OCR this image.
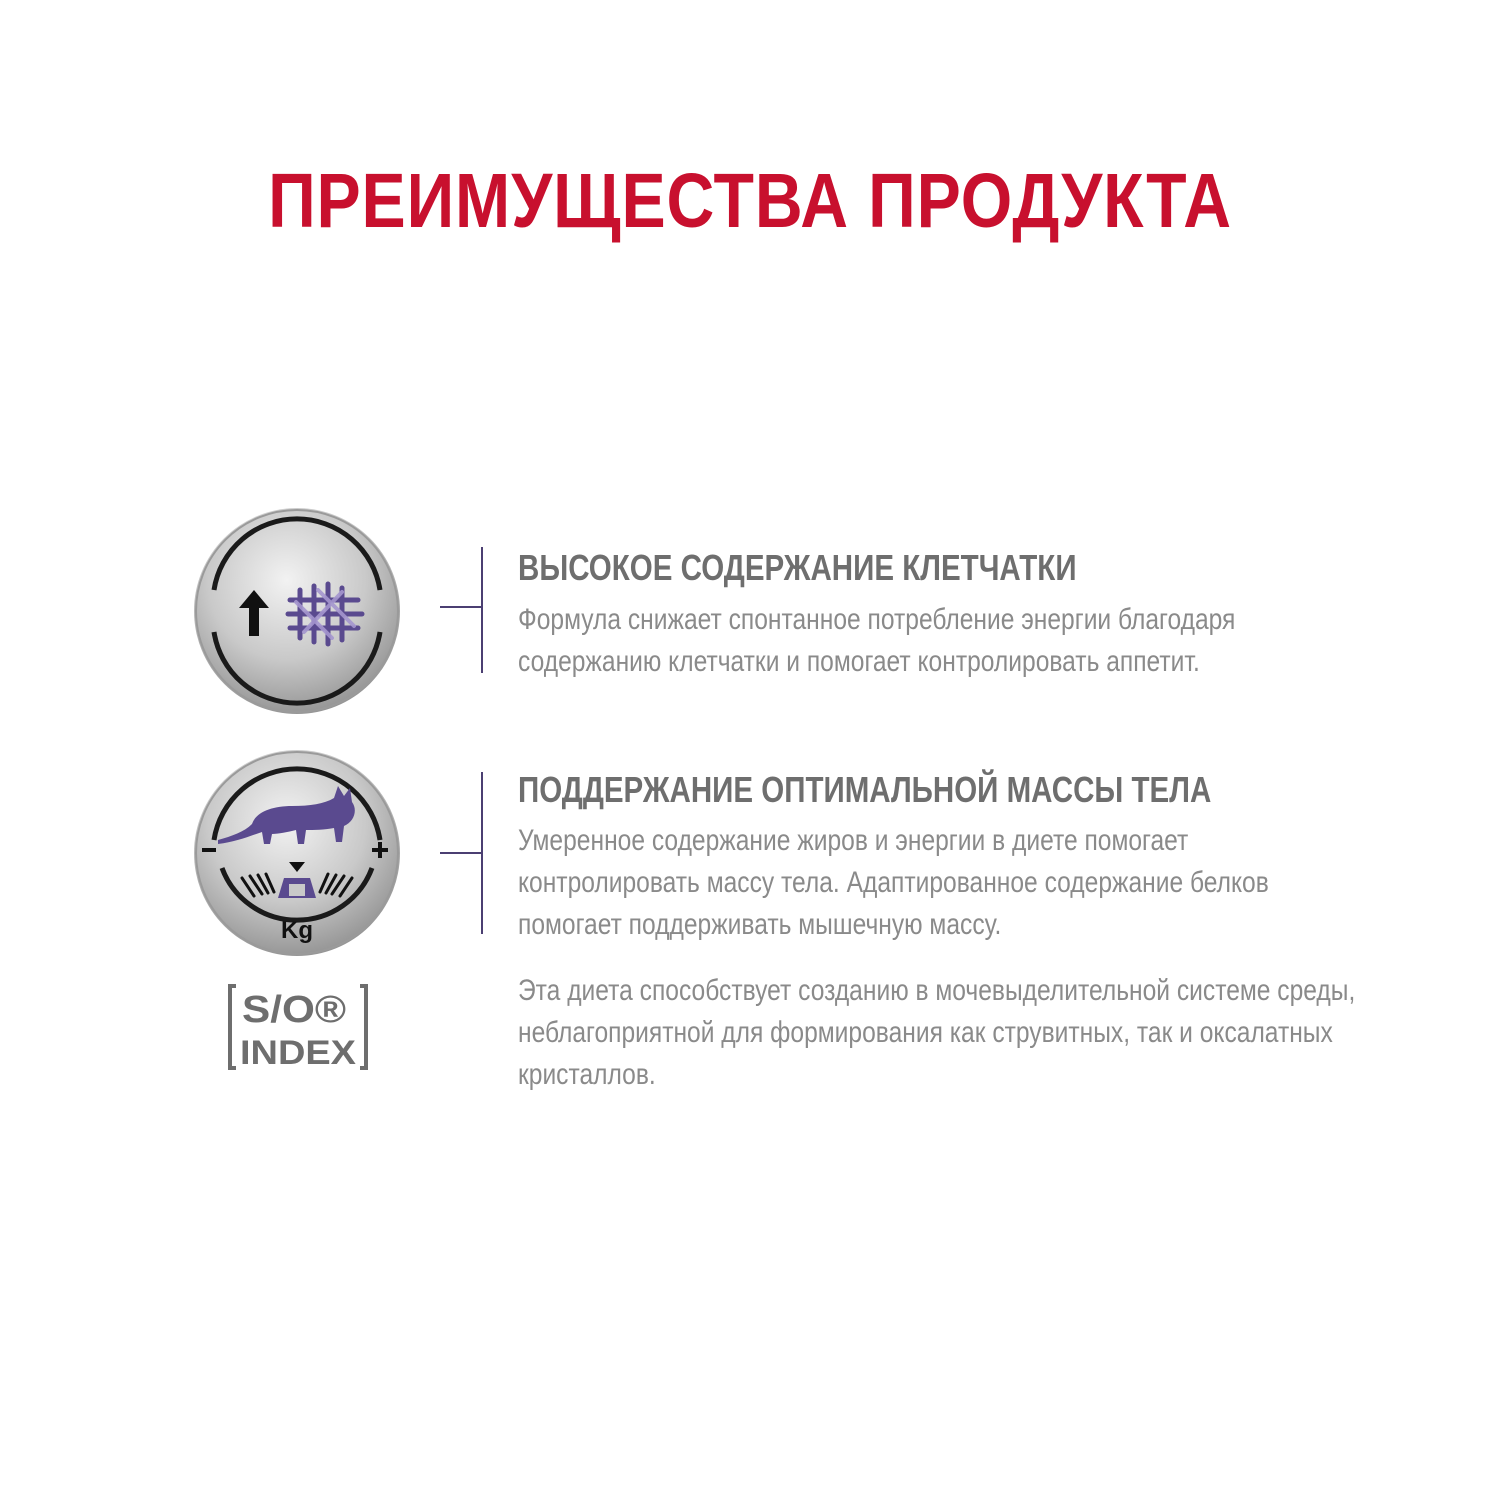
ПРЕИМУЩЕСТВА ПРОДУКТА
ВЫСОКОЕ СОДЕРЖАНИЕ КЛЕТЧАТКИ
Формула снижает спонтанное потребление энергии благодаря
содержанию клетчатки и помогает контролировать аппетит.
Kg
ПОДДЕРЖАНИЕ ОПТИМАЛЬНОЙ МАССЫ ТЕЛА
Умеренное содержание жиров и энергии в диете помогает
контролировать массу тела. Адаптированное содержание белков
помогает поддерживать мышечную массу.
S/O®
INDEX
Эта диета способствует созданию в мочевыделительной системе среды,
неблагоприятной для формирования как струвитных, так и оксалатных
кристаллов.
